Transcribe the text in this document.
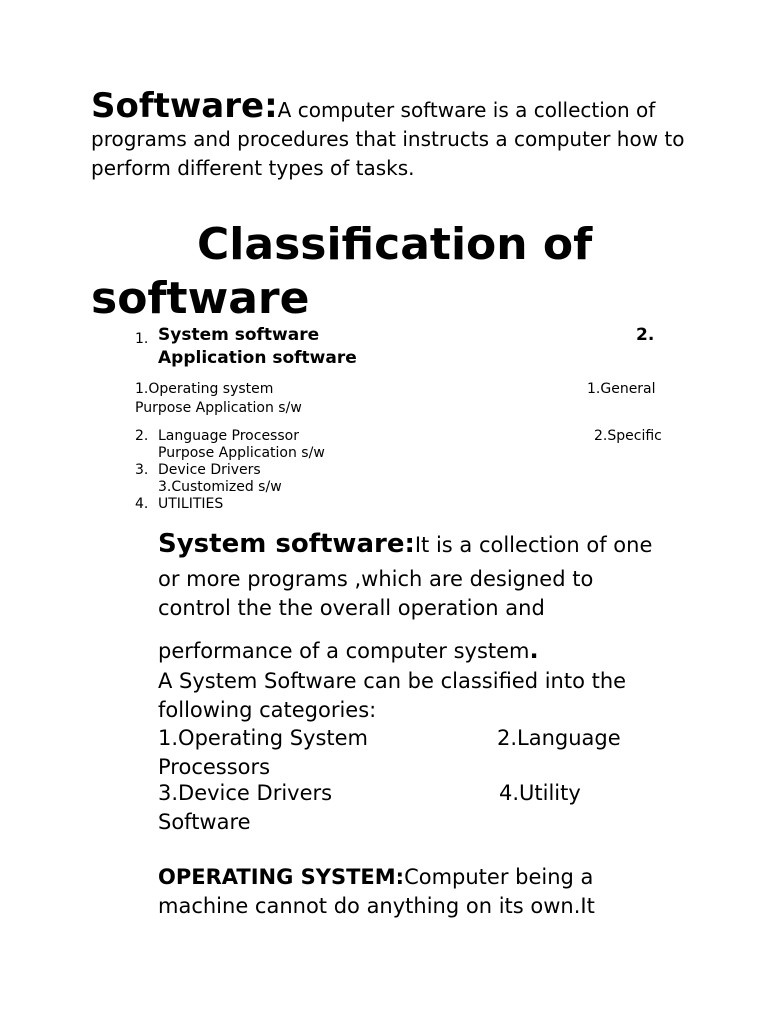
Software:A computer software is a collection of programs and procedures that instructs a computer how to perform different types of tasks.
Classification of
software
1. System software	2.
Application software
1.Operating system	1.General
Purpose Application s/w
2. Language Processor	2.Specific
Purpose Application s/w
3. Device Drivers
3.Customized s/w
4. UTILITIES
System software:It is a collection of one
or more programs ,which are designed to
control the the overall operation and
performance of a computer system.
A System Software can be classified into the
following categories:
1.Operating System	2.Language
Processors
3.Device Drivers	4.Utility
Software
OPERATING SYSTEM:Computer being a
machine cannot do anything on its own.It
